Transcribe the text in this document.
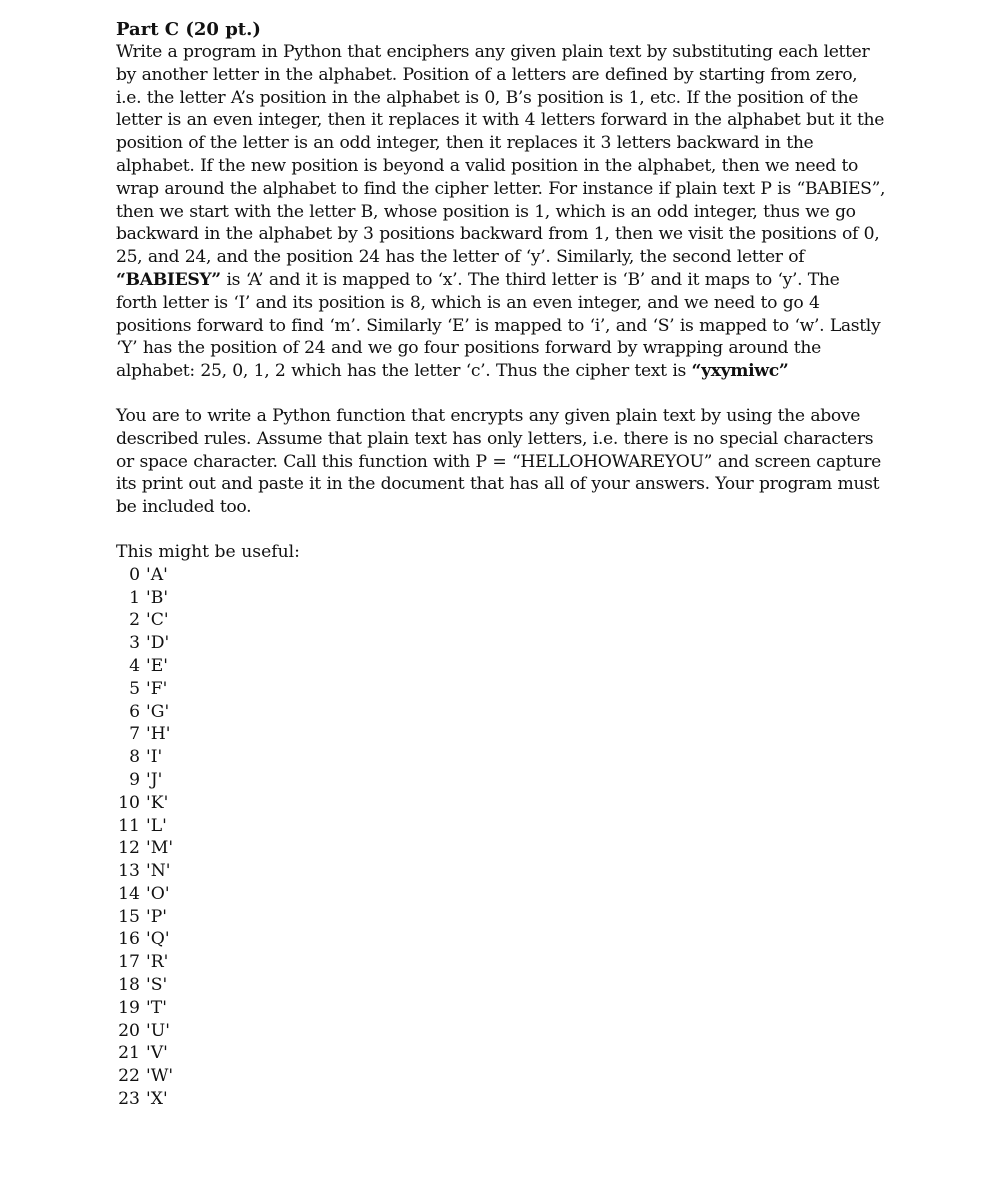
Part C (20 pt.)

Write a program in Python that enciphers any given plain text by substituting each letter by another letter in the alphabet. Position of a letters are defined by starting from zero, i.e. the letter A’s position in the alphabet is 0, B’s position is 1, etc. If the position of the letter is an even integer, then it replaces it with 4 letters forward in the alphabet but it the position of the letter is an odd integer, then it replaces it 3 letters backward in the alphabet. If the new position is beyond a valid position in the alphabet, then we need to wrap around the alphabet to find the cipher letter. For instance if plain text P is “BABIES”, then we start with the letter B, whose position is 1, which is an odd integer, thus we go backward in the alphabet by 3 positions backward from 1, then we visit the positions of 0, 25, and 24, and the position 24 has the letter of ‘y’. Similarly, the second letter of “BABIESY” is ‘A’ and it is mapped to ‘x’. The third letter is ‘B’ and it maps to ‘y’. The forth letter is ‘I’ and its position is 8, which is an even integer, and we need to go 4 positions forward to find ‘m’. Similarly ‘E’ is mapped to ‘i’, and ‘S’ is mapped to ‘w’. Lastly ‘Y’ has the position of 24 and we go four positions forward by wrapping around the alphabet: 25, 0, 1, 2 which has the letter ‘c’. Thus the cipher text is “yxymiwc”

You are to write a Python function that encrypts any given plain text by using the above described rules. Assume that plain text has only letters, i.e. there is no special characters or space character. Call this function with P = “HELLOHOWAREYOU” and screen capture its print out and paste it in the document that has all of your answers. Your program must be included too.

This might be useful:

0 'A'
1 'B'
2 'C'
3 'D'
4 'E'
5 'F'
6 'G'
7 'H'
8 'I'
9 'J'
10 'K'
11 'L'
12 'M'
13 'N'
14 'O'
15 'P'
16 'Q'
17 'R'
18 'S'
19 'T'
20 'U'
21 'V'
22 'W'
23 'X'
